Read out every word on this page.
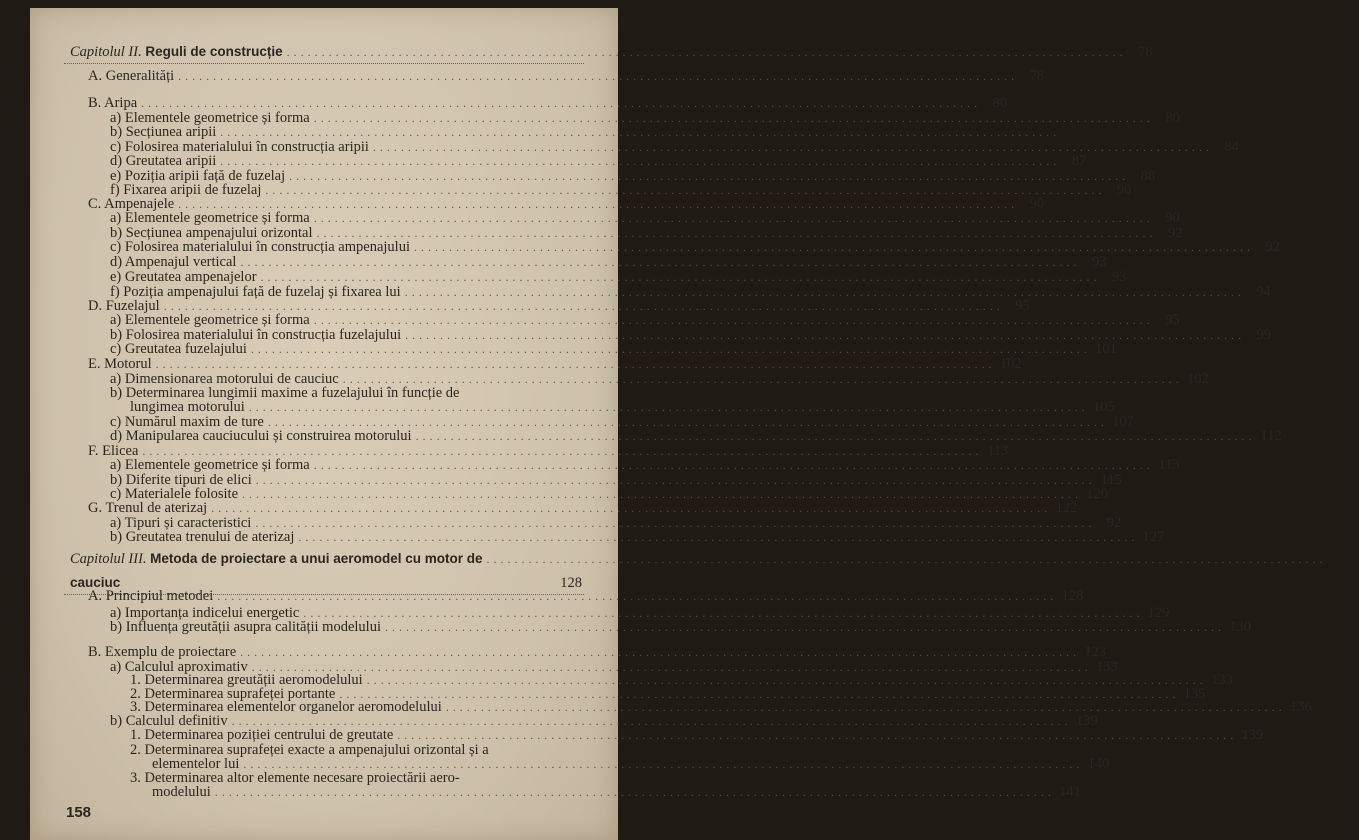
Capitolul II. Reguli de construcție ........................................................................................................................ 78
A. Generalități ........................................................................................................................ 78
B. Aripa ........................................................................................................................ 80
a) Elementele geometrice și forma ........................................................................................................................ 80
b) Secțiunea aripii ........................................................................................................................
c) Folosirea materialului în construcția aripii ........................................................................................................................ 84
d) Greutatea aripii ........................................................................................................................ 87
e) Poziția aripii față de fuzelaj ........................................................................................................................ 88
f) Fixarea aripii de fuzelaj ........................................................................................................................ 90
C. Ampenajele ........................................................................................................................ 90
a) Elementele geometrice și forma ........................................................................................................................ 90
b) Secțiunea ampenajului orizontal ........................................................................................................................ 92
c) Folosirea materialului în construcția ampenajului ........................................................................................................................ 92
d) Ampenajul vertical ........................................................................................................................ 93
e) Greutatea ampenajelor ........................................................................................................................ 93
f) Poziția ampenajului față de fuzelaj și fixarea lui ........................................................................................................................ 94
D. Fuzelajul ........................................................................................................................ 95
a) Elementele geometrice și forma ........................................................................................................................ 95
b) Folosirea materialului în construcția fuzelajului ........................................................................................................................ 99
c) Greutatea fuzelajului ........................................................................................................................ 101
E. Motorul ........................................................................................................................ 102
a) Dimensionarea motorului de cauciuc ........................................................................................................................ 102
b) Determinarea lungimii maxime a fuzelajului în funcție de
lungimea motorului ........................................................................................................................ 105
c) Numărul maxim de ture ........................................................................................................................ 107
d) Manipularea cauciucului și construirea motorului ........................................................................................................................ 112
F. Elicea ........................................................................................................................ 113
a) Elementele geometrice și forma ........................................................................................................................ 113
b) Diferite tipuri de elici ........................................................................................................................ 115
c) Materialele folosite ........................................................................................................................ 120
G. Trenul de aterizaj ........................................................................................................................ 122
a) Tipuri și caracteristici ........................................................................................................................ 92
b) Greutatea trenului de aterizaj ........................................................................................................................ 127
Capitolul III. Metoda de proiectare a unui aeromodel cu motor de ........................................................................................................................
cauciuc	128
A. Principiul metodei ........................................................................................................................ 128
a) Importanța indicelui energetic ........................................................................................................................ 129
b) Influența greutății asupra calității modelului ........................................................................................................................ 130
B. Exemplu de proiectare ........................................................................................................................ 123
a) Calculul aproximativ ........................................................................................................................ 133
1. Determinarea greutății aeromodelului ........................................................................................................................ 133
2. Determinarea suprafeței portante ........................................................................................................................ 135
3. Determinarea elementelor organelor aeromodelului ........................................................................................................................ 136
b) Calculul definitiv ........................................................................................................................ 139
1. Determinarea poziției centrului de greutate ........................................................................................................................ 139
2. Determinarea suprafeței exacte a ampenajului orizontal și a
elementelor lui ........................................................................................................................ 140
3. Determinarea altor elemente necesare proiectării aero-
modelului ........................................................................................................................ 141
158
